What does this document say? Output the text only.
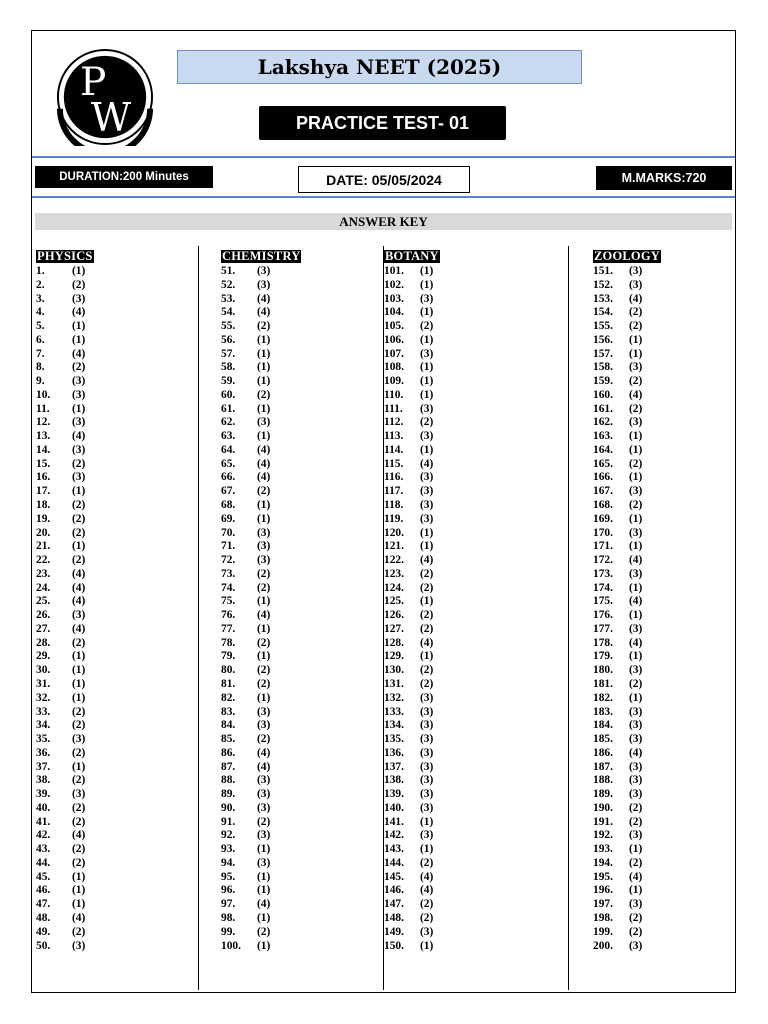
P
W
Lakshya NEET (2025)
PRACTICE TEST- 01
DURATION:200 Minutes	DATE: 05/05/2024	M.MARKS:720
ANSWER KEY
PHYSICS
1. (1)
2. (2)
3. (3)
4. (4)
5. (1)
6. (1)
7. (4)
8. (2)
9. (3)
10. (3)
11. (1)
12. (3)
13. (4)
14. (3)
15. (2)
16. (3)
17. (1)
18. (2)
19. (2)
20. (2)
21. (1)
22. (2)
23. (4)
24. (4)
25. (4)
26. (3)
27. (4)
28. (2)
29. (1)
30. (1)
31. (1)
32. (1)
33. (2)
34. (2)
35. (3)
36. (2)
37. (1)
38. (2)
39. (3)
40. (2)
41. (2)
42. (4)
43. (2)
44. (2)
45. (1)
46. (1)
47. (1)
48. (4)
49. (2)
50. (3)
CHEMISTRY
51. (3)
52. (3)
53. (4)
54. (4)
55. (2)
56. (1)
57. (1)
58. (1)
59. (1)
60. (2)
61. (1)
62. (3)
63. (1)
64. (4)
65. (4)
66. (4)
67. (2)
68. (1)
69. (1)
70. (3)
71. (3)
72. (3)
73. (2)
74. (2)
75. (1)
76. (4)
77. (1)
78. (2)
79. (1)
80. (2)
81. (2)
82. (1)
83. (3)
84. (3)
85. (2)
86. (4)
87. (4)
88. (3)
89. (3)
90. (3)
91. (2)
92. (3)
93. (1)
94. (3)
95. (1)
96. (1)
97. (4)
98. (1)
99. (2)
100. (1)
BOTANY
101. (1)
102. (1)
103. (3)
104. (1)
105. (2)
106. (1)
107. (3)
108. (1)
109. (1)
110. (1)
111. (3)
112. (2)
113. (3)
114. (1)
115. (4)
116. (3)
117. (3)
118. (3)
119. (3)
120. (1)
121. (1)
122. (4)
123. (2)
124. (2)
125. (1)
126. (2)
127. (2)
128. (4)
129. (1)
130. (2)
131. (2)
132. (3)
133. (3)
134. (3)
135. (3)
136. (3)
137. (3)
138. (3)
139. (3)
140. (3)
141. (1)
142. (3)
143. (1)
144. (2)
145. (4)
146. (4)
147. (2)
148. (2)
149. (3)
150. (1)
ZOOLOGY
151. (3)
152. (3)
153. (4)
154. (2)
155. (2)
156. (1)
157. (1)
158. (3)
159. (2)
160. (4)
161. (2)
162. (3)
163. (1)
164. (1)
165. (2)
166. (1)
167. (3)
168. (2)
169. (1)
170. (3)
171. (1)
172. (4)
173. (3)
174. (1)
175. (4)
176. (1)
177. (3)
178. (4)
179. (1)
180. (3)
181. (2)
182. (1)
183. (3)
184. (3)
185. (3)
186. (4)
187. (3)
188. (3)
189. (3)
190. (2)
191. (2)
192. (3)
193. (1)
194. (2)
195. (4)
196. (1)
197. (3)
198. (2)
199. (2)
200. (3)
